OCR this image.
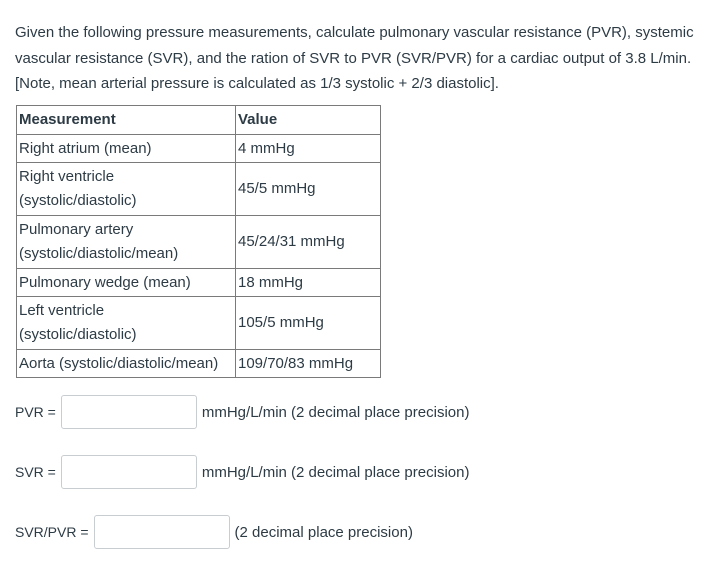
Given the following pressure measurements, calculate pulmonary vascular resistance (PVR), systemic vascular resistance (SVR), and the ration of SVR to PVR (SVR/PVR) for a cardiac output of 3.8 L/min. [Note, mean arterial pressure is calculated as 1/3 systolic + 2/3 diastolic].
Measurement	Value
Right atrium (mean)	4 mmHg
Right ventricle
(systolic/diastolic)	45/5 mmHg
Pulmonary artery
(systolic/diastolic/mean)	45/24/31 mmHg
Pulmonary wedge (mean)	18 mmHg
Left ventricle
(systolic/diastolic)	105/5 mmHg
Aorta (systolic/diastolic/mean)	109/70/83 mmHg
PVR =	mmHg/L/min (2 decimal place precision)
SVR =	mmHg/L/min (2 decimal place precision)
SVR/PVR =	(2 decimal place precision)
